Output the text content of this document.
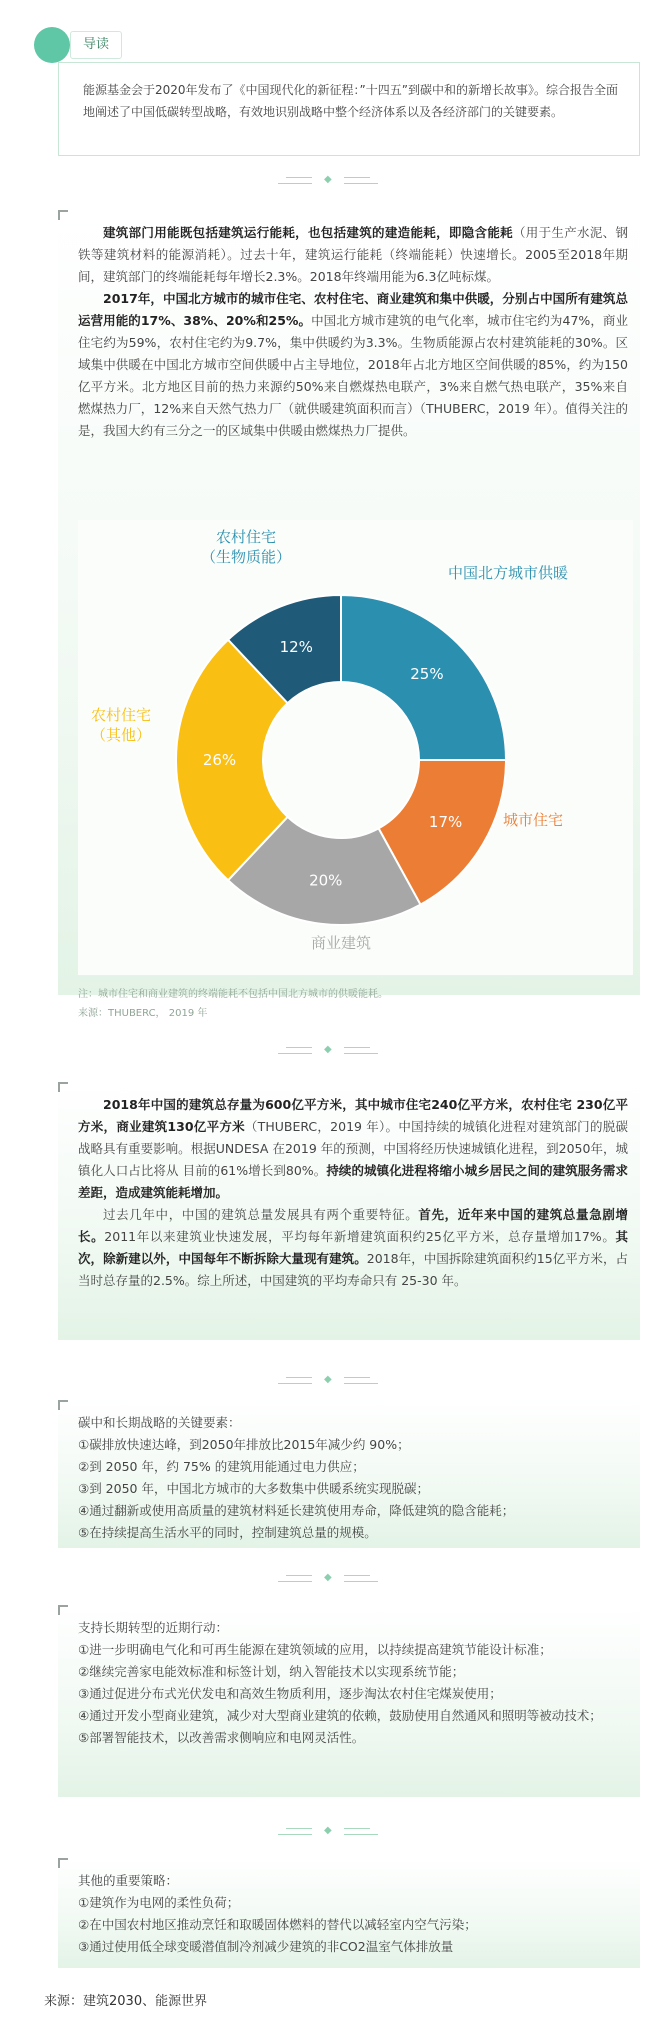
导读
能源基金会于2020年发布了《中国现代化的新征程：”十四五”到碳中和的新增长故事》。综合报告全面地阐述了中国低碳转型战略，有效地识别战略中整个经济体系以及各经济部门的关键要素。
◆

建筑部门用能既包括建筑运行能耗，也包括建筑的建造能耗，即隐含能耗（用于生产水泥、钢铁等建筑材料的能源消耗）。过去十年，建筑运行能耗（终端能耗）快速增长。2005至2018年期间，建筑部门的终端能耗每年增长2.3%。2018年终端用能为6.3亿吨标煤。

2017年，中国北方城市的城市住宅、农村住宅、商业建筑和集中供暖，分别占中国所有建筑总运营用能的17%、38%、20%和25%。中国北方城市建筑的电气化率，城市住宅约为47%，商业住宅约为59%，农村住宅约为9.7%，集中供暖约为3.3%。生物质能源占农村建筑能耗的30%。区域集中供暖在中国北方城市空间供暖中占主导地位，2018年占北方地区空间供暖的85%，约为150亿平方米。北方地区目前的热力来源约50%来自燃煤热电联产，3%来自燃气热电联产，35%来自燃煤热力厂，12%来自天然气热力厂（就供暖建筑面积而言）（THUBERC，2019 年）。值得关注的是，我国大约有三分之一的区域集中供暖由燃煤热力厂提供。

25%
中国北方城市供暖
17%	城市住宅
20%
商业建筑
26%
农村住宅（其他）
12%
农村住宅（生物质能）
注：城市住宅和商业建筑的终端能耗不包括中国北方城市的供暖能耗。
来源：THUBERC， 2019 年
◆

2018年中国的建筑总存量为600亿平方米，其中城市住宅240亿平方米，农村住宅 230亿平方米，商业建筑130亿平方米（THUBERC，2019 年）。中国持续的城镇化进程对建筑部门的脱碳战略具有重要影响。根据UNDESA 在2019 年的预测，中国将经历快速城镇化进程，到2050年，城镇化人口占比将从 目前的61%增长到80%。持续的城镇化进程将缩小城乡居民之间的建筑服务需求差距，造成建筑能耗增加。

过去几年中，中国的建筑总量发展具有两个重要特征。首先，近年来中国的建筑总量急剧增长。2011年以来建筑业快速发展，平均每年新增建筑面积约25亿平方米，总存量增加17%。其次，除新建以外，中国每年不断拆除大量现有建筑。2018年，中国拆除建筑面积约15亿平方米，占当时总存量的2.5%。综上所述，中国建筑的平均寿命只有 25-30 年。

◆

碳中和长期战略的关键要素：

①碳排放快速达峰，到2050年排放比2015年减少约 90%；

②到 2050 年，约 75% 的建筑用能通过电力供应；

③到 2050 年，中国北方城市的大多数集中供暖系统实现脱碳；

④通过翻新或使用高质量的建筑材料延长建筑使用寿命，降低建筑的隐含能耗；

⑤在持续提高生活水平的同时，控制建筑总量的规模。

◆

支持长期转型的近期行动：

①进一步明确电气化和可再生能源在建筑领域的应用，以持续提高建筑节能设计标准；

②继续完善家电能效标准和标签计划，纳入智能技术以实现系统节能；

③通过促进分布式光伏发电和高效生物质利用，逐步淘汰农村住宅煤炭使用；

④通过开发小型商业建筑，减少对大型商业建筑的依赖，鼓励使用自然通风和照明等被动技术；

⑤部署智能技术，以改善需求侧响应和电网灵活性。

◆

其他的重要策略：

①建筑作为电网的柔性负荷；

②在中国农村地区推动烹饪和取暖固体燃料的替代以减轻室内空气污染；

③通过使用低全球变暖潜值制冷剂减少建筑的非CO2温室气体排放量

来源：建筑2030、能源世界
